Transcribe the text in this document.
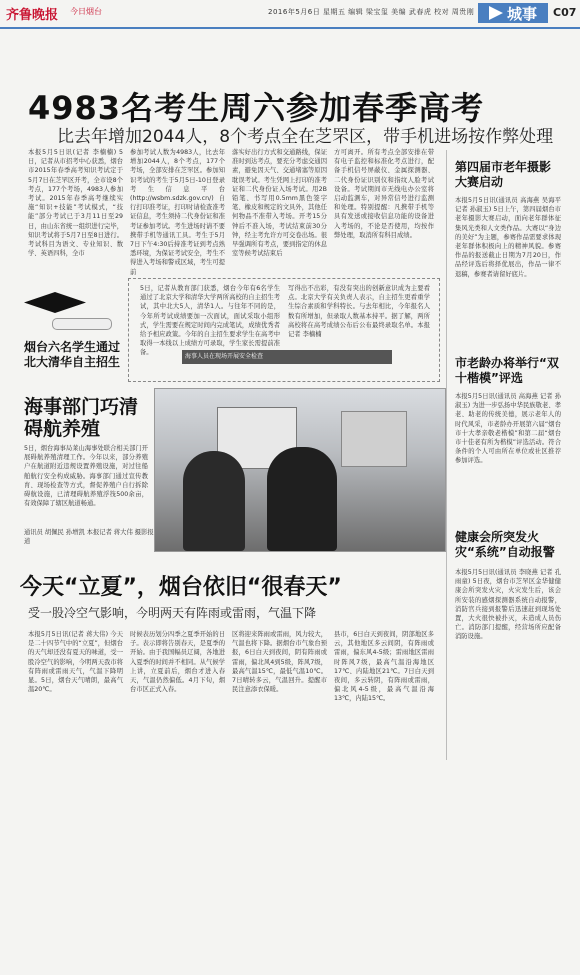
齐鲁晚报 今日烟台	2016年5月6日 星期五 编辑 梁宝玺 美编 武春虎 校对 周贵刚 城事 C07
4983名考生周六参加春季高考
比去年增加2044人，8个考点全在芝罘区，带手机进场按作弊处理
本报5月5日讯(记者 李楠楠) 5日，记者从市招考中心获悉，烟台市2015年春季高考知识考试定于5月7日在芝罘区开考，全市设8个考点，177个考场，4983人参加考试。2015年春季高考继续实施“知识+技能”考试模式，“技能”部分考试已于3月11日至29日，由山东省统一组织进行完毕，知识考试将于5月7日至8日进行。考试科目为语文、专业知识、数学、英语四科，全市
参加考试人数为4983人，比去年增加2044人，8个考点，177个考场，全部安排在芝罘区。参加知识考试的考生于5月5日-10日登录考生信息平台(http://wsbm.sdzk.gov.cn/)自行打印准考证，打印时请检查准考证信息，考生须持二代身份证和准考证参加考试。考生进场时请不要携带手机等通讯工具。考生于5月7日下午4:30后持准考证到考点熟悉环境，为保证考试安全，考生不得进入考场和警戒区域，考生可提前
落实好出行方式和交通路线，保证准时到达考点，要充分考虑交通因素，避免因天气、交通堵塞等原因耽误考试。考生凭网上打印的准考证和二代身份证入场考试。用2B铅笔、书写用0.5mm黑色签字笔、橡皮和规定的文具外，其他任何物品不准带入考场。开考15分钟后不准入场，考试结束前30分钟，经主考允许方可交卷出场。很早强调所有考点，要到指定的休息室等候考试结束后
方可离开。所有考点全部安排在带有电子监控和标准化考点进行，配备手机信号屏蔽仪、金属探测器、二代身份证识别仪和指纹人脸考试设备。考试期间市无线电办公室将启动监测车，对异常信号进行监测和处理。特别提醒：凡携带手机等具有发送或接收信息功能的设备进入考场的，不论是否使用，均按作弊处理，取消所有科目成绩。
烟台六名学生通过北大清华自主招生
5日，记者从教育部门获悉，烟台今年有6名学生通过了北京大学和清华大学两所高校的自主招生考试，其中北大5人，清华1人。与往年不同的是，今年所考试成绩要加一次面试，面试采取小组形式，学生需要在规定时间内完成笔试，成绩优秀者给予相应政策。今年的自主招生要求学生在高考中取得一本线以上成绩方可录取，学生家长需提前准备。
写得出不出彩，有没有突出的创新意识成为主要看点。北京大学有关负责人表示，自主招生更看重学生综合素质和学科特长。与去年相比，今年报名人数有所增加，但录取人数基本持平。据了解，两所高校将在高考成绩公布后公布最终录取名单。本报记者 李楠楠
海事部门巧清碍航养殖
5日，烟台海事局莱山海事处联合相关部门开展碍航养殖清理工作。今年以来，部分养殖户在航道附近违规设置养殖设施，对过往船舶航行安全构成威胁。海事部门通过宣传教育、现场检查等方式，督促养殖户自行拆除碍航设施，已清理碍航养殖浮筏500余亩，有效保障了辖区航道畅通。
通讯员 胡佩民 孙增凯 本报记者 蒋大伟 摄影报道
海事人员在现场开展安全检查
今天“立夏”，烟台依旧“很春天”
受一股冷空气影响，今明两天有阵雨或雷雨，气温下降
本报5月5日讯(记者 蒋大伟) 今天是二十四节气中的“立夏”，但烟台的天气却还没有夏天的味道，受一股冷空气的影响，今明两天我市将有阵雨或雷雨天气，气温下降明显。5日，烟台天气晴朗，最高气温20℃。
时候表历划分四季之夏季开始的日子。表示即将告别春天，是夏季的开始。由于我国幅员辽阔，各地进入夏季的时间并不相同。从气候学上讲，立夏前后，烟台才进入春天，气温仍然偏低。4月下旬，烟台市区正式入春。
区将迎来阵雨或雷雨，风力较大，气温也将下降。据烟台市气象台预报，6日白天到夜间，阴有阵雨或雷雨，偏北风4到5级，阵风7级，最高气温15℃，最低气温10℃。7日晴转多云，气温回升。提醒市民注意添衣保暖。
县市，6日白天到夜间，阴部地区多云，其他地区多云间阴，有阵雨或雷雨，偏东风4-5级；雷雨地区雷雨时阵风7级，最高气温沿海地区17℃、内陆地区21℃。7日白天到夜间，多云转阴，有阵雨或雷雨，偏北风4-5级，最高气温沿海13℃，内陆15℃。
第四届市老年摄影大赛启动
本报5月5日讯(通讯员 高海燕 吴海平 记者 孙淑玉) 5日上午，第四届烟台市老年摄影大赛启动，面向老年群体征集风光类和人文类作品。大赛以“身边的美好”为主题，参赛作品需要求体现老年群体积极向上的精神风貌。参赛作品的报送截止日期为7月20日，作品经评选后将择优展出，作品一律不退稿，参赛者请留好底片。
市老龄办将举行“双十楷模”评选
本报5月5日讯(通讯员 高海燕 记者 孙淑玉) 为进一步弘扬中华民族敬老、孝老、助老的传统美德，展示老年人的时代风采，市老龄办开展第六届“烟台市十大孝亲敬老楷模”和第二届“烟台市十佳老有所为楷模”评选活动。符合条件的个人可由所在单位或社区推荐参加评选。
健康会所突发火灾“系统”自动报警
本报5月5日讯(通讯员 李晓燕 记者 孔雨童) 5日夜，烟台市芝罘区金华健健康会所突发火灾，火灾发生后，该会所安装的感烟探测器系统自动报警，消防官兵接到报警后迅速赶到现场处置，大火很快被扑灭，未造成人员伤亡。消防部门提醒，经营场所应配备消防设施。
